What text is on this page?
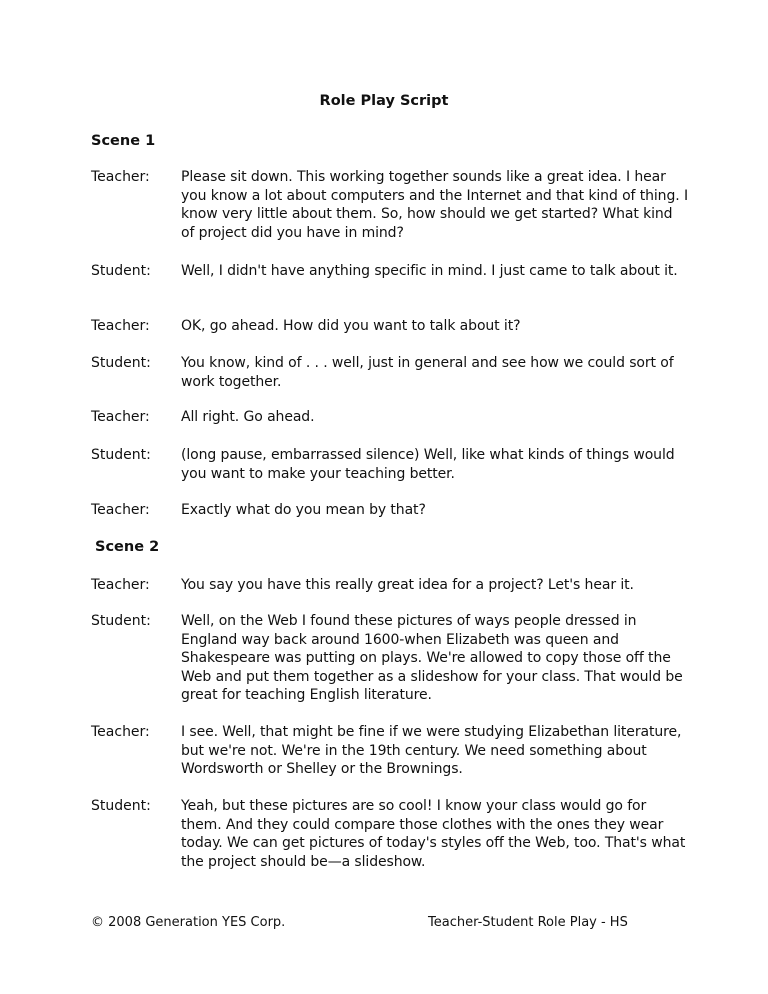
Role Play Script
Scene 1
Teacher: Please sit down. This working together sounds like a great idea. I hear you know a lot about computers and the Internet and that kind of thing. I know very little about them. So, how should we get started? What kind of project did you have in mind?
Student: Well, I didn't have anything specific in mind. I just came to talk about it.
Teacher: OK, go ahead. How did you want to talk about it?
Student: You know, kind of . . . well, just in general and see how we could sort of work together.
Teacher: All right. Go ahead.
Student: (long pause, embarrassed silence) Well, like what kinds of things would you want to make your teaching better.
Teacher: Exactly what do you mean by that?
Scene 2
Teacher: You say you have this really great idea for a project? Let's hear it.
Student: Well, on the Web I found these pictures of ways people dressed in England way back around 1600-when Elizabeth was queen and Shakespeare was putting on plays. We're allowed to copy those off the Web and put them together as a slideshow for your class. That would be great for teaching English literature.
Teacher: I see. Well, that might be fine if we were studying Elizabethan literature, but we're not. We're in the 19th century. We need something about Wordsworth or Shelley or the Brownings.
Student: Yeah, but these pictures are so cool! I know your class would go for them. And they could compare those clothes with the ones they wear today. We can get pictures of today's styles off the Web, too. That's what the project should be—a slideshow.
© 2008 Generation YES Corp.	Teacher-Student Role Play - HS
